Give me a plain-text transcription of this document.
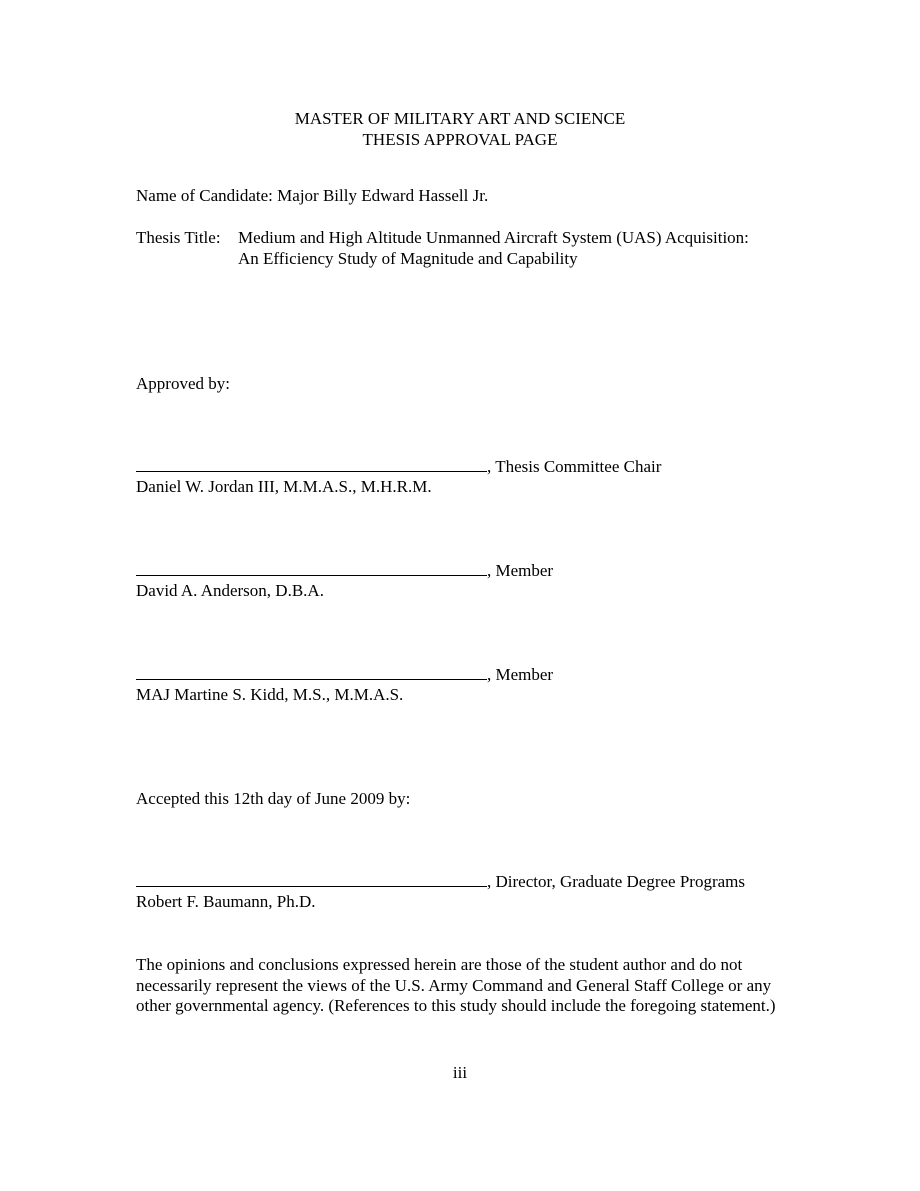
MASTER OF MILITARY ART AND SCIENCE
THESIS APPROVAL PAGE
Name of Candidate: Major Billy Edward Hassell Jr.
Thesis Title: Medium and High Altitude Unmanned Aircraft System (UAS) Acquisition:
An Efficiency Study of Magnitude and Capability
Approved by:
, Thesis Committee Chair
Daniel W. Jordan III, M.M.A.S., M.H.R.M.
, Member
David A. Anderson, D.B.A.
, Member
MAJ Martine S. Kidd, M.S., M.M.A.S.
Accepted this 12th day of June 2009 by:
, Director, Graduate Degree Programs
Robert F. Baumann, Ph.D.
The opinions and conclusions expressed herein are those of the student author and do not necessarily represent the views of the U.S. Army Command and General Staff College or any other governmental agency. (References to this study should include the foregoing statement.)
iii
